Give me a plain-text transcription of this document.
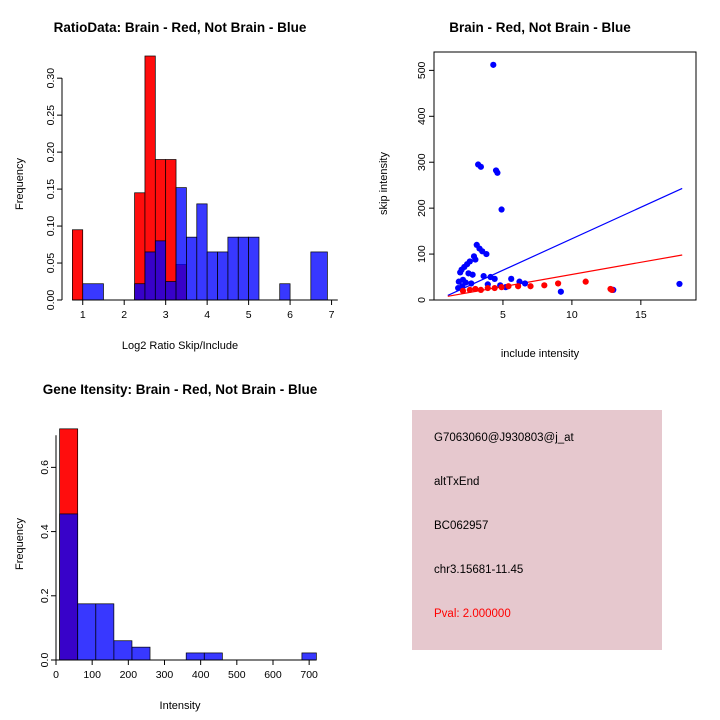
RatioData: Brain - Red, Not Brain - Blue
1	2	3	4	5	6	7
0.00
0.05
0.10
0.15
0.20
0.25
0.30
Log2 Ratio Skip/Include
Frequency
Brain - Red, Not Brain - Blue
5	10	15
0
100
200
300
400
500
include intensity
skip intensity
Gene Itensity: Brain - Red, Not Brain - Blue
0 100 200 300 400 500 600 700
0.0
0.2
0.4
0.6
Intensity
Frequency
G7063060@J930803@j_at
altTxEnd
BC062957
chr3.15681-11.45
Pval: 2.000000
